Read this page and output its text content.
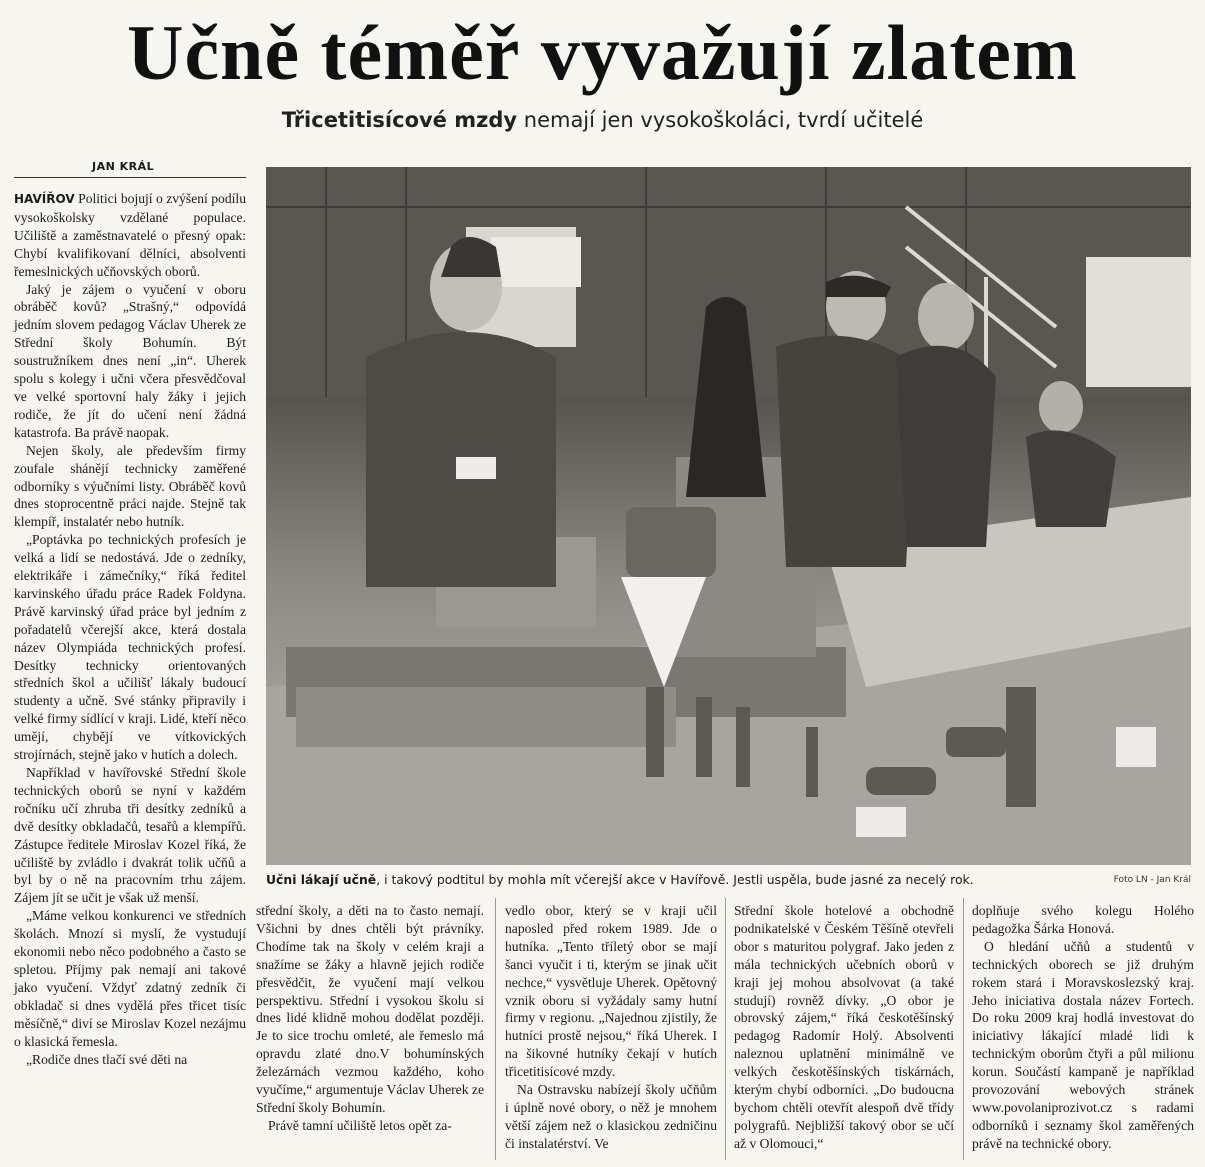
Učně téměř vyvažují zlatem
Třicetitisícové mzdy nemají jen vysokoškoláci, tvrdí učitelé
JAN KRÁL

HAVÍŘOV Politici bojují o zvýšení podílu vysokoškolsky vzdělané populace. Učiliště a zaměstnavatelé o přesný opak: Chybí kvalifikovaní dělníci, absolventi řemeslnických učňovských oborů.

Jaký je zájem o vyučení v oboru obráběč kovů? „Strašný,“ odpovídá jedním slovem pedagog Václav Uherek ze Střední školy Bohumín. Být soustružníkem dnes není „in“. Uherek spolu s kolegy i učni včera přesvědčoval ve velké sportovní haly žáky i jejich rodiče, že jít do učení není žádná katastrofa. Ba právě naopak.

Nejen školy, ale především firmy zoufale shánějí technicky zaměřené odborníky s výučními listy. Obráběč kovů dnes stoprocentně práci najde. Stejně tak klempíř, instalatér nebo hutník.

„Poptávka po technických profesích je velká a lidí se nedostává. Jde o zedníky, elektrikáře i zámečníky,“ říká ředitel karvinského úřadu práce Radek Foldyna. Právě karvinský úřad práce byl jedním z pořadatelů včerejší akce, která dostala název Olympiáda technických profesí. Desítky technicky orientovaných středních škol a učilišť lákaly budoucí studenty a učně. Své stánky připravily i velké firmy sídlící v kraji. Lidé, kteří něco umějí, chybějí ve vítkovických strojírnách, stejně jako v hutích a dolech.

Například v havířovské Střední škole technických oborů se nyní v každém ročníku učí zhruba tři desítky zedníků a dvě desítky obkladačů, tesařů a klempířů. Zástupce ředitele Miroslav Kozel říká, že učiliště by zvládlo i dvakrát tolik učňů a byl by o ně na pracovním trhu zájem. Zájem jít se učit je však už menší.

„Máme velkou konkurenci ve středních školách. Mnozí si myslí, že vystudují ekonomii nebo něco podobného a často se spletou. Příjmy pak nemají ani takové jako vyučení. Vždyť zdatný zedník či obkladač si dnes vydělá přes třicet tisíc měsíčně,“ diví se Miroslav Kozel nezájmu o klasická řemesla.

„Rodiče dnes tlačí své děti na

Učni lákají učně, i takový podtitul by mohla mít včerejší akce v Havířově. Jestli uspěla, bude jasné za necelý rok.	Foto LN - Jan Král

střední školy, a děti na to často nemají. Všichni by dnes chtěli být právníky. Chodíme tak na školy v celém kraji a snažíme se žáky a hlavně jejich rodiče přesvědčit, že vyučení mají velkou perspektivu. Střední i vysokou školu si dnes lidé klidně mohou dodělat později. Je to sice trochu omleté, ale řemeslo má opravdu zlaté dno.V bohumínských železárnách vezmou každého, koho vyučíme,“ argumentuje Václav Uherek ze Střední školy Bohumín.

Právě tamní učiliště letos opět za-

vedlo obor, který se v kraji učil naposled před rokem 1989. Jde o hutníka. „Tento tříletý obor se mají šanci vyučit i ti, kterým se jinak učit nechce,“ vysvětluje Uherek. Opětovný vznik oboru si vyžádaly samy hutní firmy v regionu. „Najednou zjistily, že hutníci prostě nejsou,“ říká Uherek. I na šikovné hutníky čekají v hutích třicetitisícové mzdy.

Na Ostravsku nabízejí školy učňům i úplně nové obory, o něž je mnohem větší zájem než o klasickou zedničinu či instalatérství. Ve

Střední škole hotelové a obchodně podnikatelské v Českém Těšíně otevřeli obor s maturitou polygraf. Jako jeden z mála technických učebních oborů v kraji jej mohou absolvovat (a také studují) rovněž dívky. „O obor je obrovský zájem,“ říká českotěšínský pedagog Radomír Holý. Absolventi naleznou uplatnění minimálně ve velkých českotěšínských tiskárnách, kterým chybí odborníci. „Do budoucna bychom chtěli otevřít alespoň dvě třídy polygrafů. Nejbližší takový obor se učí až v Olomouci,“

doplňuje svého kolegu Holého pedagožka Šárka Honová.

O hledání učňů a studentů v technických oborech se již druhým rokem stará i Moravskoslezský kraj. Jeho iniciativa dostala název Fortech. Do roku 2009 kraj hodlá investovat do iniciativy lákající mladé lidi k technickým oborům čtyři a půl milionu korun. Součástí kampaně je například provozování webových stránek www.povolaniprozivot.cz s radami odborníků i seznamy škol zaměřených právě na technické obory.
